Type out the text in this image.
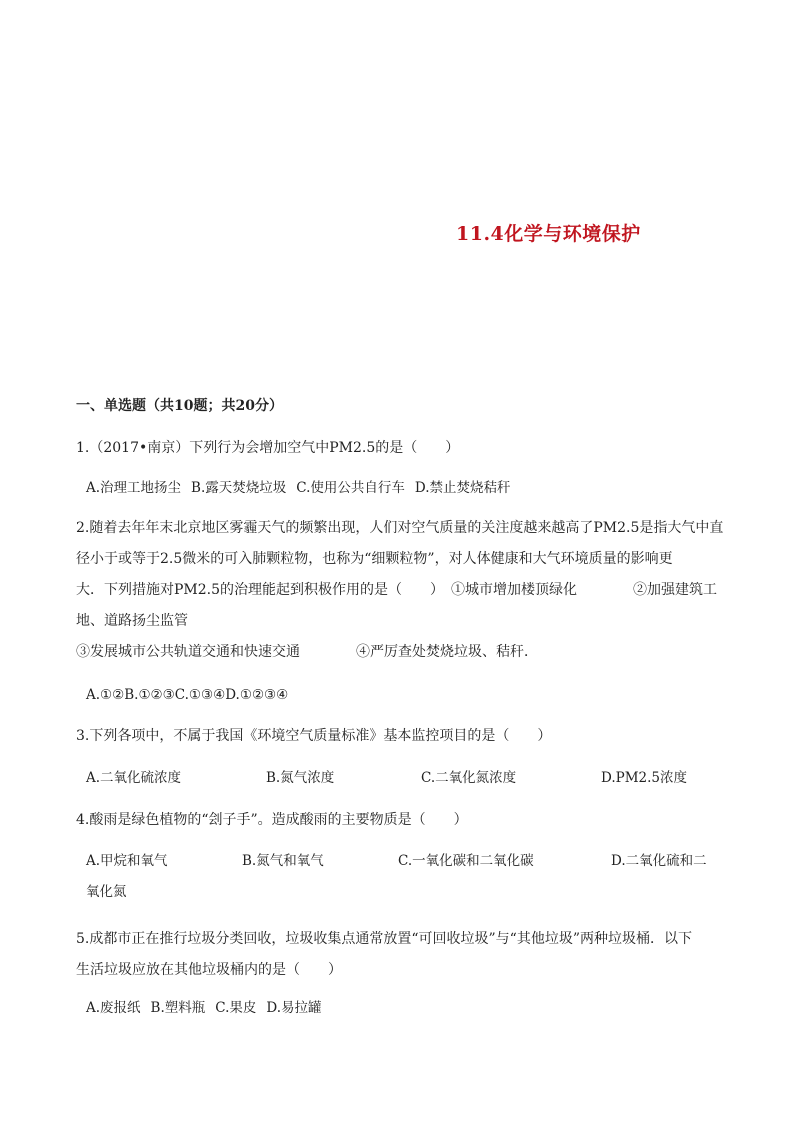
11.4化学与环境保护
一、单选题（共10题；共20分）
1.（2017•南京）下列行为会增加空气中PM2.5的是（　　）
A.治理工地扬尘 B.露天焚烧垃圾 C.使用公共自行车 D.禁止焚烧秸秆
2.随着去年年末北京地区雾霾天气的频繁出现，人们对空气质量的关注度越来越高了PM2.5是指大气中直
径小于或等于2.5微米的可入肺颗粒物，也称为“细颗粒物”，对人体健康和大气环境质量的影响更
大．下列措施对PM2.5的治理能起到积极作用的是（　　）　①城市增加楼顶绿化　　　　②加强建筑工
地、道路扬尘监管
③发展城市公共轨道交通和快速交通　　　　④严厉查处焚烧垃圾、秸秆．
A.①②B.①②③C.①③④D.①②③④
3.下列各项中，不属于我国《环境空气质量标准》基本监控项目的是（　　）
A.二氧化硫浓度	B.氮气浓度	C.二氧化氮浓度	D.PM2.5浓度
4.酸雨是绿色植物的“刽子手”。造成酸雨的主要物质是（　　）
A.甲烷和氧气	B.氮气和氧气	C.一氧化碳和二氧化碳	D.二氧化硫和二
氧化氮
5.成都市正在推行垃圾分类回收，垃圾收集点通常放置“可回收垃圾”与“其他垃圾”两种垃圾桶．以下
生活垃圾应放在其他垃圾桶内的是（　　）
A.废报纸 B.塑料瓶 C.果皮 D.易拉罐
